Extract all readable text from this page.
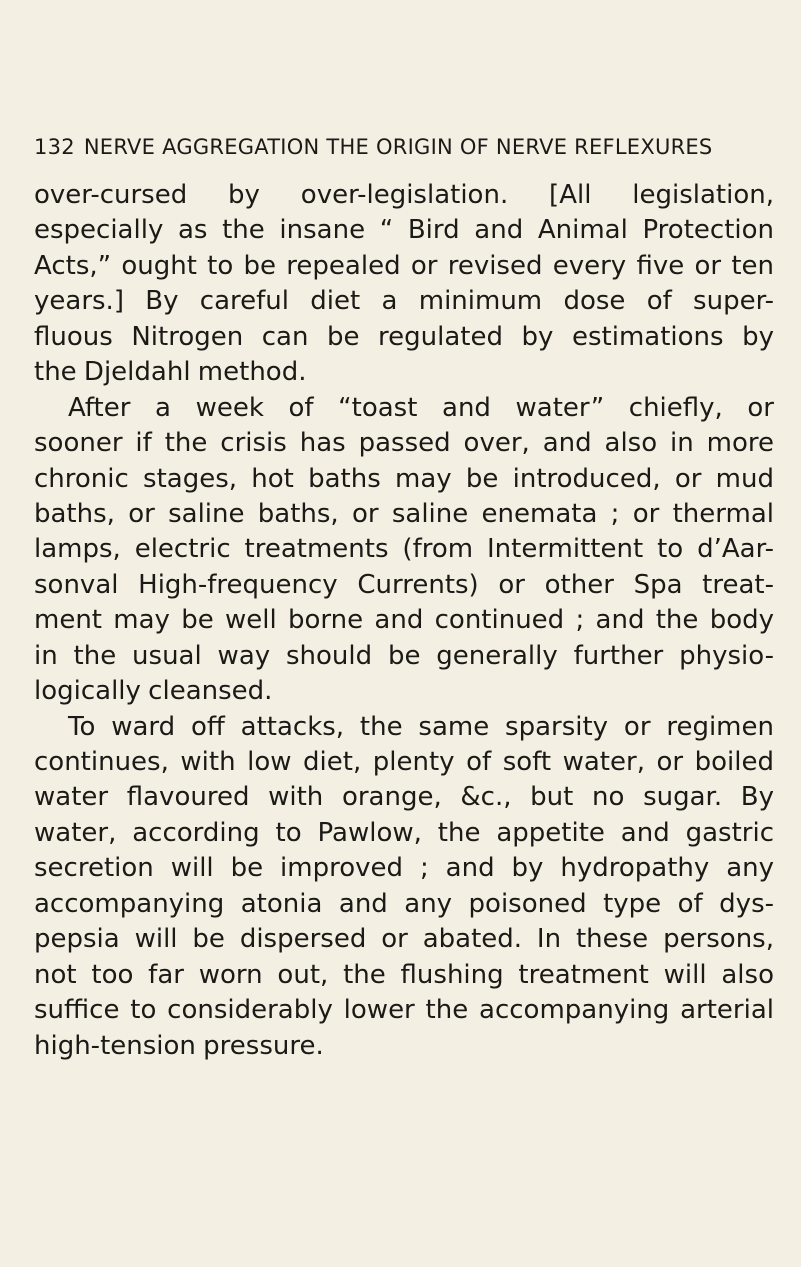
132 NERVE AGGREGATION THE ORIGIN OF NERVE REFLEXURES
over-cursed by over-legislation. [All legislation,
especially as the insane “ Bird and Animal Protection
Acts,” ought to be repealed or revised every five or ten
years.] By careful diet a minimum dose of super-
fluous Nitrogen can be regulated by estimations by
the Djeldahl method.
After a week of “toast and water” chiefly, or
sooner if the crisis has passed over, and also in more
chronic stages, hot baths may be introduced, or mud
baths, or saline baths, or saline enemata ; or thermal
lamps, electric treatments (from Intermittent to d’Aar-
sonval High-frequency Currents) or other Spa treat-
ment may be well borne and continued ; and the body
in the usual way should be generally further physio-
logically cleansed.
To ward off attacks, the same sparsity or regimen
continues, with low diet, plenty of soft water, or boiled
water flavoured with orange, &c., but no sugar. By
water, according to Pawlow, the appetite and gastric
secretion will be improved ; and by hydropathy any
accompanying atonia and any poisoned type of dys-
pepsia will be dispersed or abated. In these persons,
not too far worn out, the flushing treatment will also
suffice to considerably lower the accompanying arterial
high-tension pressure.
